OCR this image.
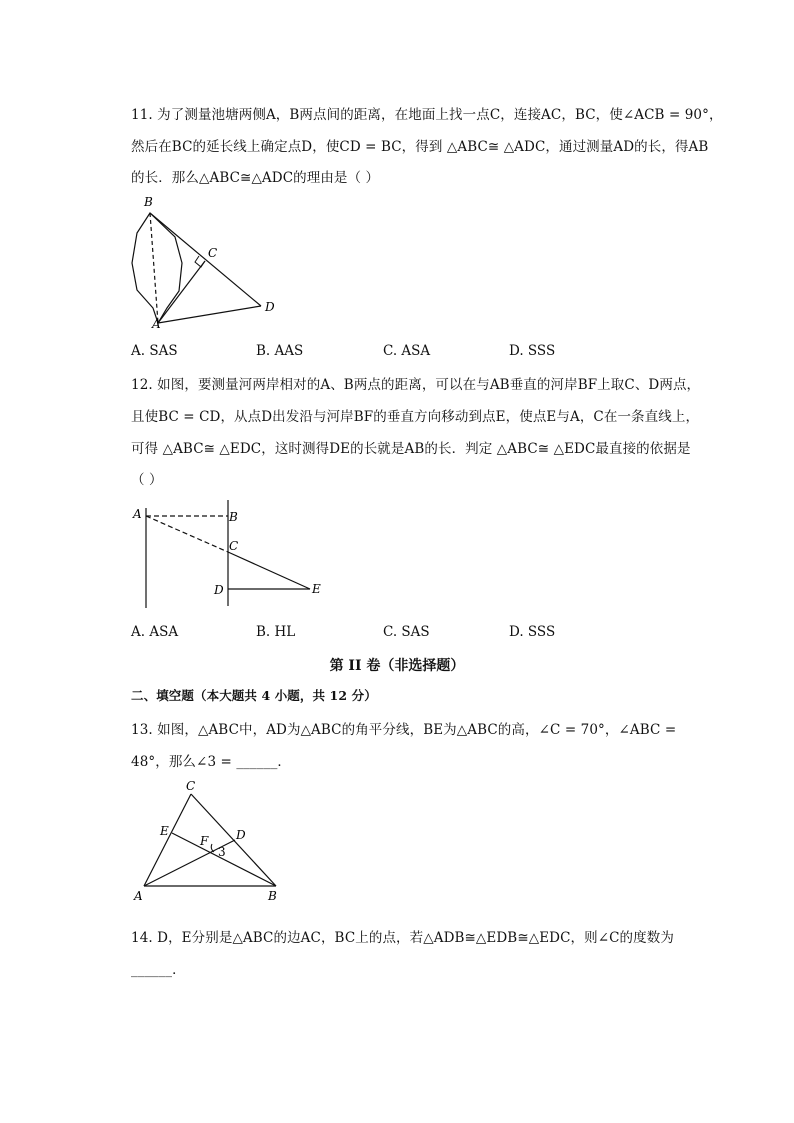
11. 为了测量池塘两侧A，B两点间的距离，在地面上找一点C，连接AC，BC，使∠ACB = 90°，
然后在BC的延长线上确定点D，使CD = BC，得到 △ABC≅ △ADC，通过测量AD的长，得AB
的长．那么△ABC≅△ADC的理由是（ ）
B
C
A
D
A. SAS	B. AAS	C. ASA	D. SSS
12. 如图，要测量河两岸相对的A、B两点的距离，可以在与AB垂直的河岸BF上取C、D两点，
且使BC = CD，从点D出发沿与河岸BF的垂直方向移动到点E，使点E与A，C在一条直线上，
可得 △ABC≅ △EDC，这时测得DE的长就是AB的长．判定 △ABC≅ △EDC最直接的依据是
（ ）
A	B
C
D	E
A. ASA	B. HL	C. SAS	D. SSS
第 II 卷（非选择题）
二、填空题（本大题共 4 小题，共 12 分）
13. 如图，△ABC中，AD为△ABC的角平分线，BE为△ABC的高，∠C = 70°，∠ABC =
48°，那么∠3 = ______．
C
E
F D
3
A	B
14. D，E分别是△ABC的边AC，BC上的点，若△ADB≅△EDB≅△EDC，则∠C的度数为
______．
